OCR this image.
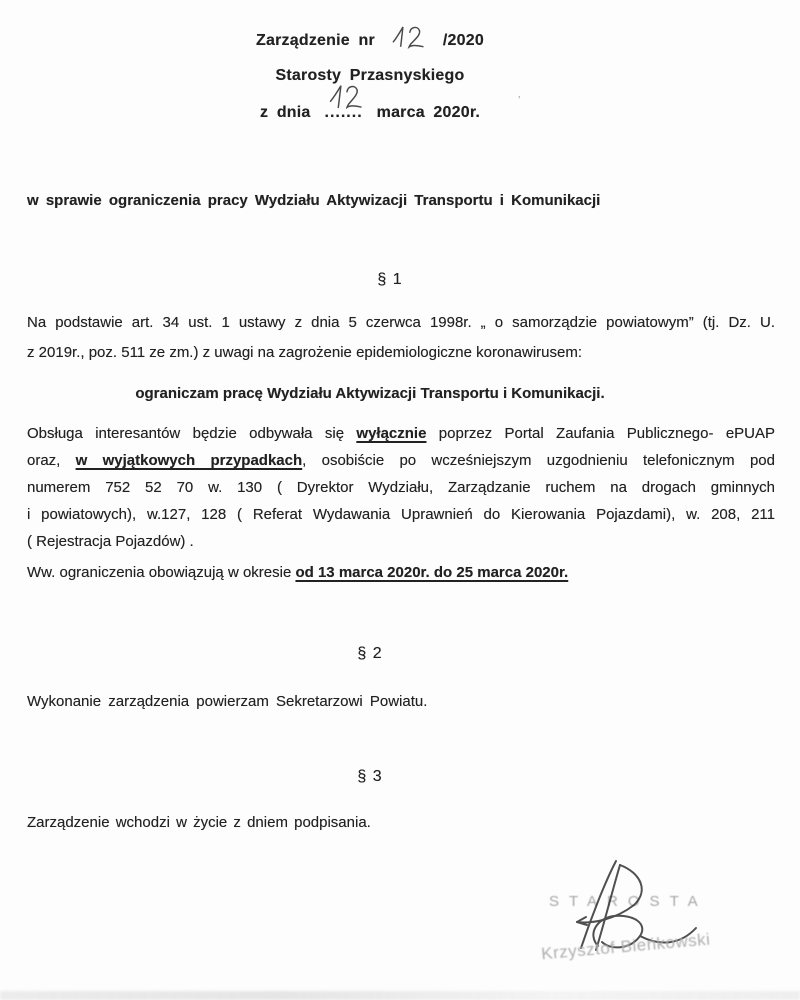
Zarządzenie nr	/2020
Starosty Przasnyskiego
z dnia ....... marca 2020r.
w sprawie ograniczenia pracy Wydziału Aktywizacji Transportu i Komunikacji
§ 1
Na podstawie art. 34 ust. 1 ustawy z dnia 5 czerwca 1998r. „ o samorządzie powiatowym” (tj. Dz. U.
z 2019r., poz. 511 ze zm.) z uwagi na zagrożenie epidemiologiczne koronawirusem:
ograniczam pracę Wydziału Aktywizacji Transportu i Komunikacji.
Obsługa interesantów będzie odbywała się wyłącznie poprzez Portal Zaufania Publicznego- ePUAP
oraz, w wyjątkowych przypadkach, osobiście po wcześniejszym uzgodnieniu telefonicznym pod
numerem 752 52 70 w. 130 ( Dyrektor Wydziału, Zarządzanie ruchem na drogach gminnych
i powiatowych), w.127, 128 ( Referat Wydawania Uprawnień do Kierowania Pojazdami), w. 208, 211
( Rejestracja Pojazdów) .
Ww. ograniczenia obowiązują w okresie od 13 marca 2020r. do 25 marca 2020r.
§ 2
Wykonanie zarządzenia powierzam Sekretarzowi Powiatu.
§ 3
Zarządzenie wchodzi w życie z dniem podpisania.
STAROSTA
Krzysztof Bieńkowski
ʼ
